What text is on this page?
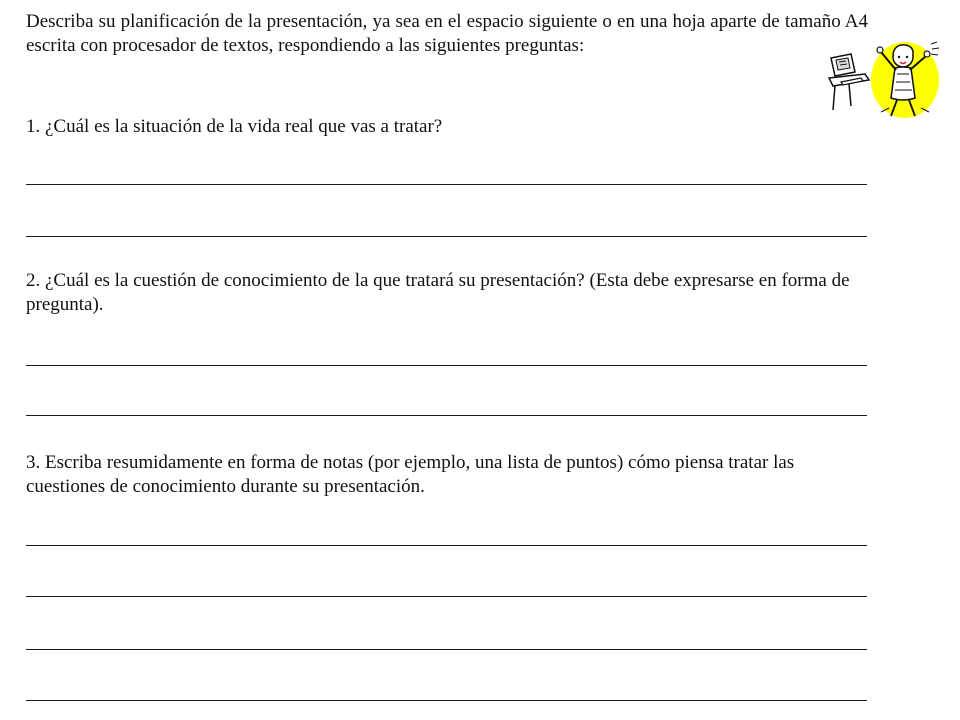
Describa su planificación de la presentación, ya sea en el espacio siguiente o en una hoja aparte de tamaño A4 escrita con procesador de textos, respondiendo a las siguientes preguntas:

1. ¿Cuál es la situación de la vida real que vas a tratar?

2. ¿Cuál es la cuestión de conocimiento de la que tratará su presentación? (Esta debe expresarse en forma de pregunta).

3. Escriba resumidamente en forma de notas (por ejemplo, una lista de puntos) cómo piensa tratar las cuestiones de conocimiento durante su presentación.
